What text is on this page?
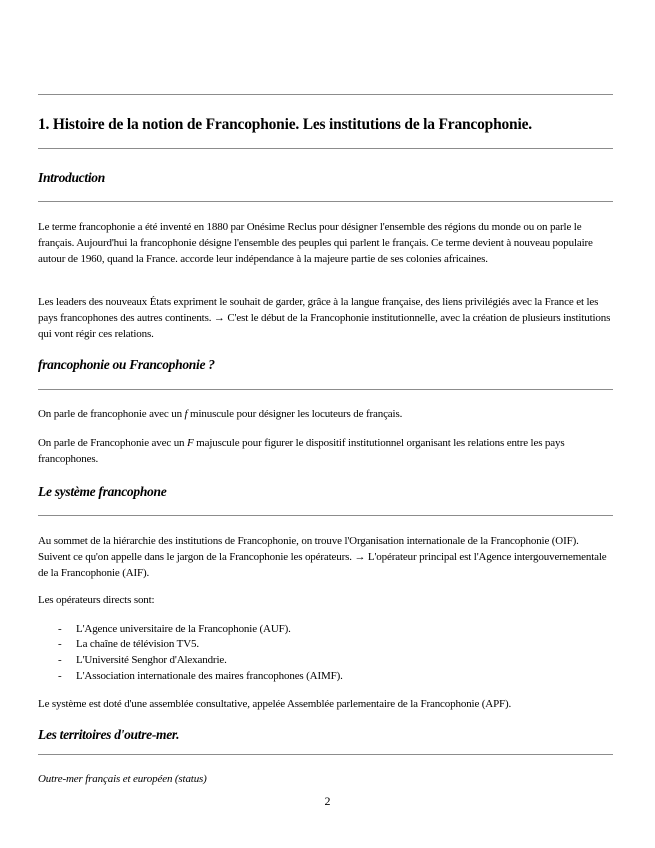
1. Histoire de la notion de Francophonie. Les institutions de la Francophonie.
Introduction
Le terme francophonie a été inventé en 1880 par Onésime Reclus pour désigner l'ensemble des régions du monde ou on parle le français. Aujourd'hui la francophonie désigne l'ensemble des peuples qui parlent le français. Ce terme devient à nouveau populaire autour de 1960, quand la France. accorde leur indépendance à la majeure partie de ses colonies africaines.
Les leaders des nouveaux États expriment le souhait de garder, grâce à la langue française, des liens privilégiés avec la France et les pays francophones des autres continents. → C'est le début de la Francophonie institutionnelle, avec la création de plusieurs institutions qui vont régir ces relations.
francophonie ou Francophonie ?
On parle de francophonie avec un f minuscule pour désigner les locuteurs de français.
On parle de Francophonie avec un F majuscule pour figurer le dispositif institutionnel organisant les relations entre les pays francophones.
Le système francophone
Au sommet de la hiérarchie des institutions de Francophonie, on trouve l'Organisation internationale de la Francophonie (OIF). Suivent ce qu'on appelle dans le jargon de la Francophonie les opérateurs. → L'opérateur principal est l'Agence intergouvernementale de la Francophonie (AIF).
Les opérateurs directs sont:
- L'Agence universitaire de la Francophonie (AUF).
- La chaîne de télévision TV5.
- L'Université Senghor d'Alexandrie.
- L'Association internationale des maires francophones (AIMF).
Le système est doté d'une assemblée consultative, appelée Assemblée parlementaire de la Francophonie (APF).
Les territoires d'outre-mer.
Outre-mer français et européen (status)
2
